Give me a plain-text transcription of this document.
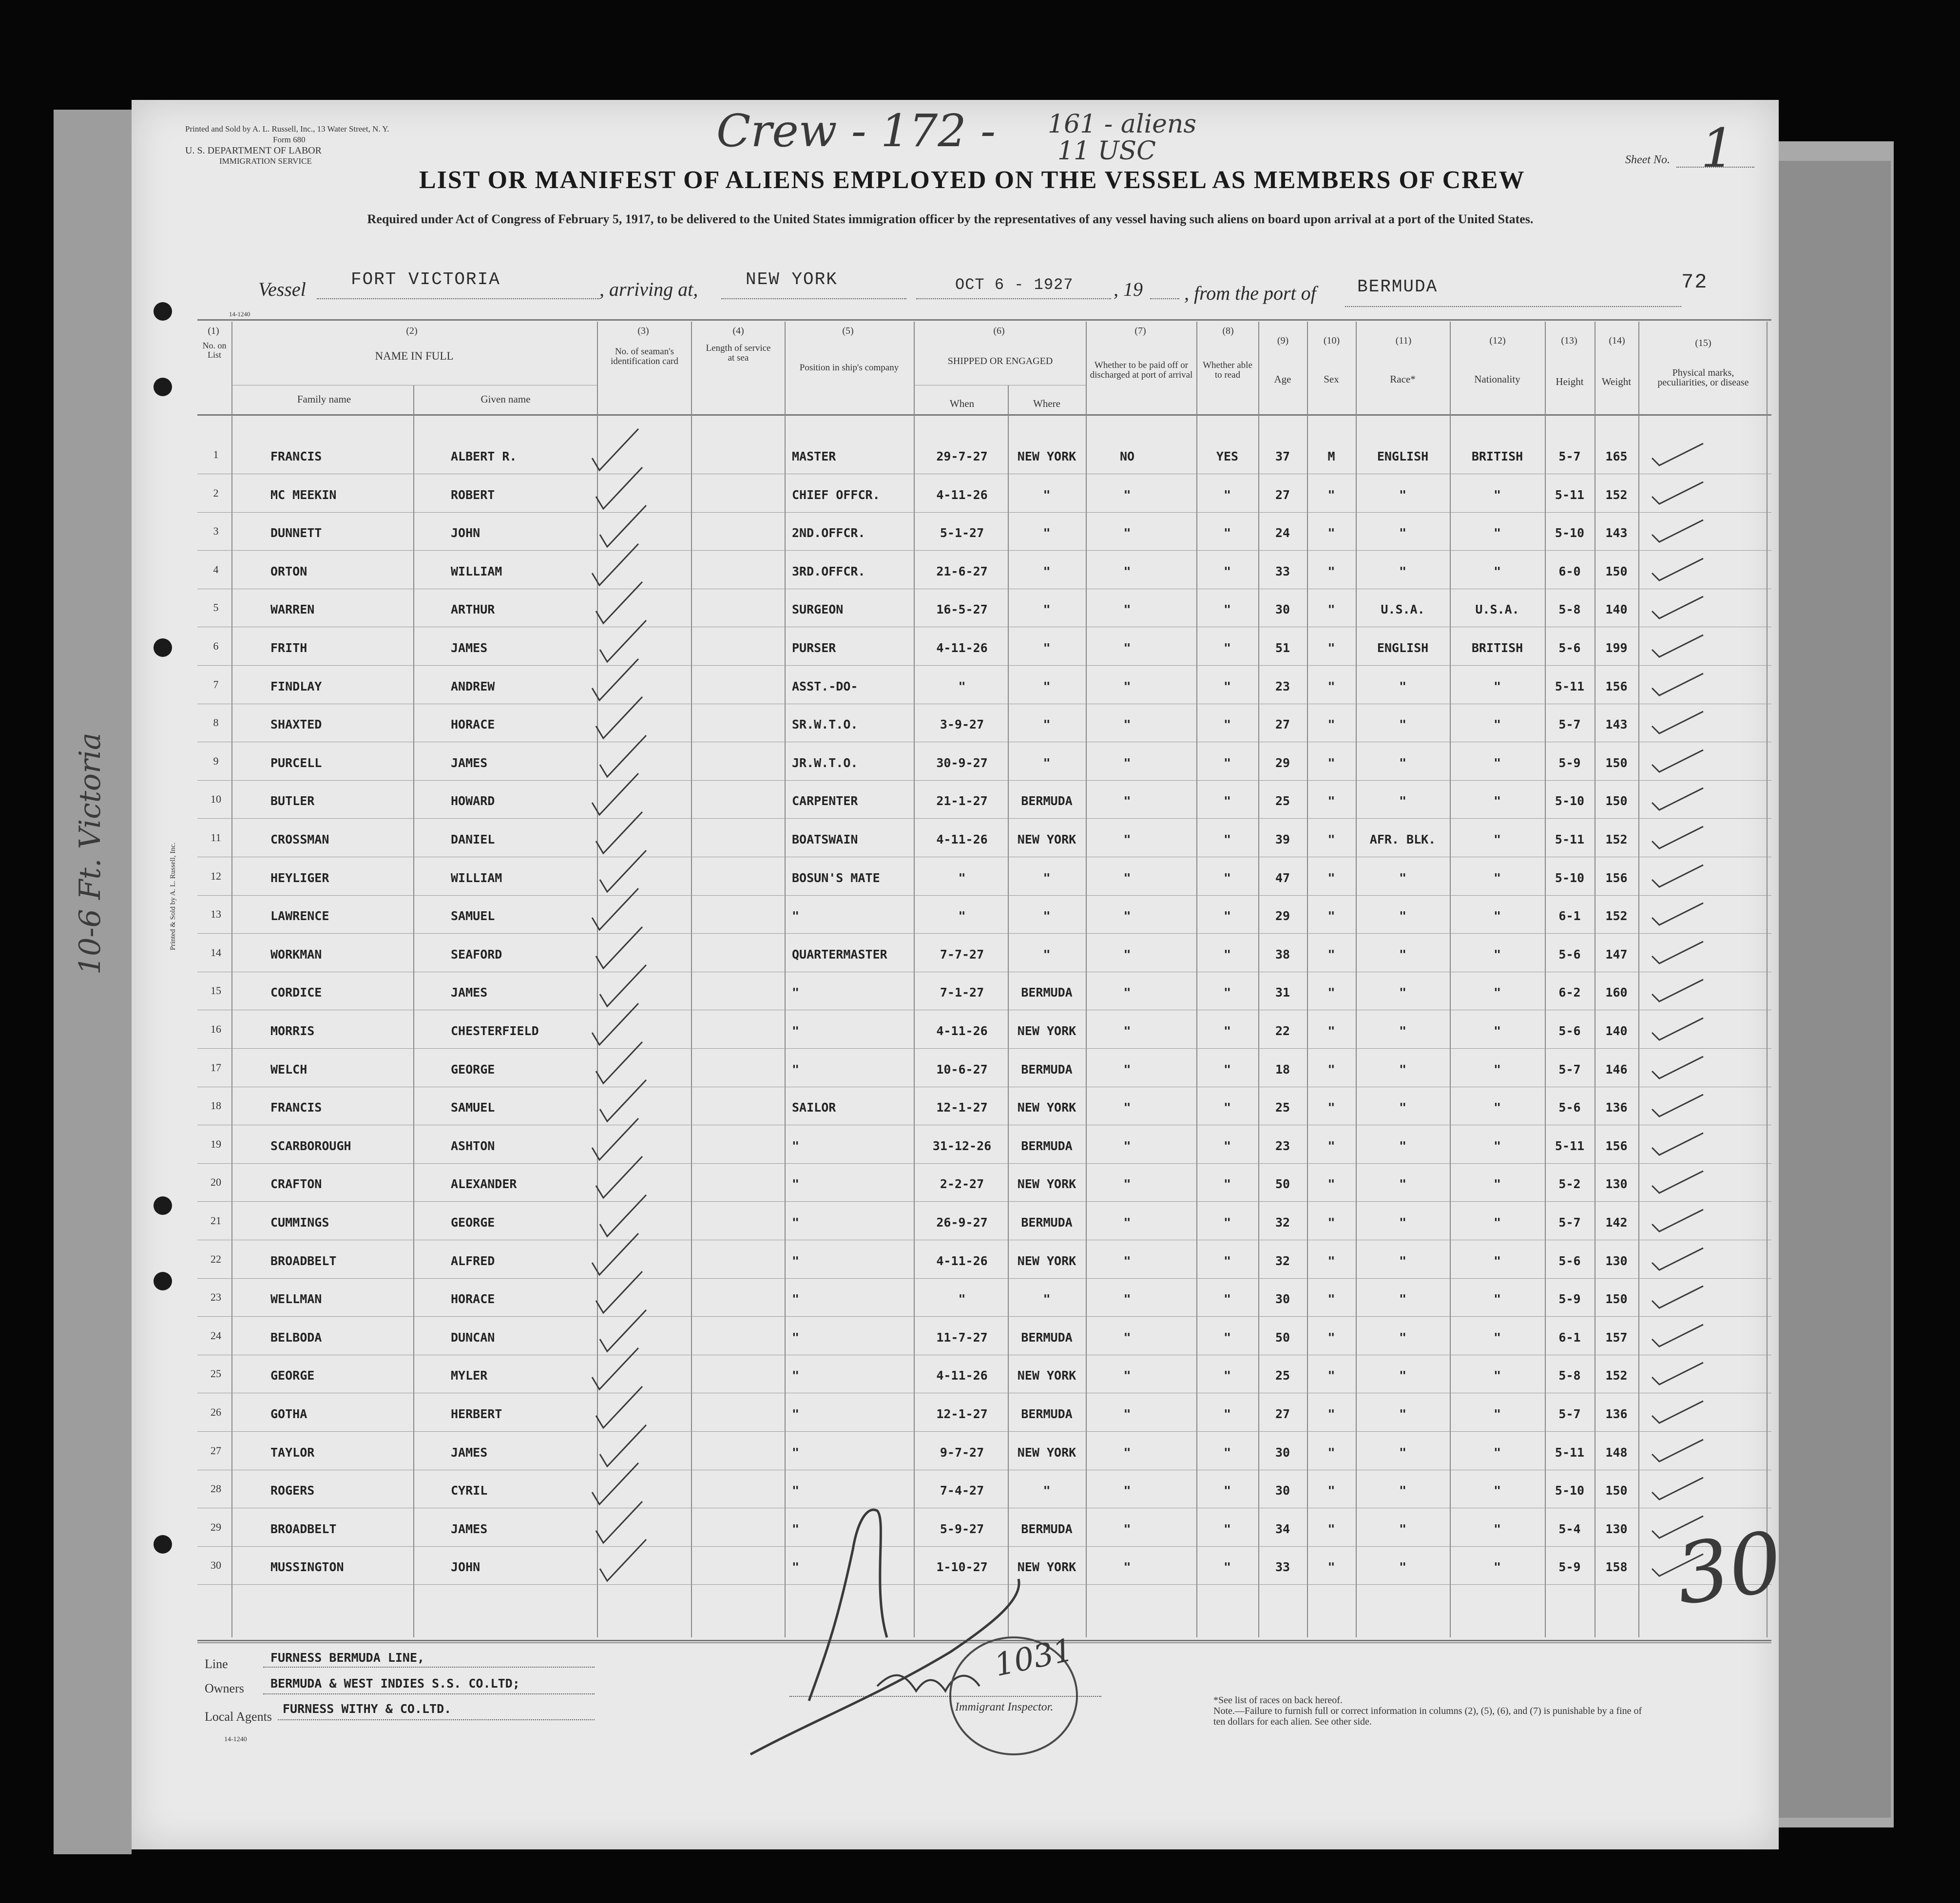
10-6 Ft. Victoria	Printed & Sold by A. L. Russell, Inc.
Printed and Sold by A. L. Russell, Inc., 13 Water Street, N. Y.
Form 680
U. S. DEPARTMENT OF LABOR
IMMIGRATION SERVICE
Crew - 172 - 161 - aliens
11 USC	Sheet No. 1
LIST OR MANIFEST OF ALIENS EMPLOYED ON THE VESSEL AS MEMBERS OF CREW
Required under Act of Congress of February 5, 1917, to be delivered to the United States immigration officer by the representatives of any vessel having such aliens on board upon arrival at a port of the United States.
Vessel	FORT VICTORIA	, arriving at,	NEW YORK	OCT 6 - 1927 , 19 , from the port of BERMUDA	72
14-1240
(1)
No. on List
(2)
NAME IN FULL
Family name	Given name
(3)
No. of seaman's identification card
(4)
Length of service at sea
(5)
Position in ship's company
(6)
SHIPPED OR ENGAGED
When	Where
(7)
Whether to be paid off or discharged at port of arrival
(8)
Whether able to read
(9)
Age
(10)
Sex
(11)
Race*
(12)
Nationality
(13)
Height
(14)
Weight
(15)
Physical marks, peculiarities, or disease
1	FRANCIS	ALBERT R.	MASTER	29-7-27	NEW YORK	NO	YES	37	M	ENGLISH	BRITISH	5-7	165
2	MC MEEKIN	ROBERT	CHIEF OFFCR.	4-11-26	"	"	"	27	"	"	"	5-11	152
3	DUNNETT	JOHN	2ND.OFFCR.	5-1-27	"	"	"	24	"	"	"	5-10	143
4	ORTON	WILLIAM	3RD.OFFCR.	21-6-27	"	"	"	33	"	"	"	6-0	150
5	WARREN	ARTHUR	SURGEON	16-5-27	"	"	"	30	"	U.S.A.	U.S.A.	5-8	140
6	FRITH	JAMES	PURSER	4-11-26	"	"	"	51	"	ENGLISH	BRITISH	5-6	199
7	FINDLAY	ANDREW	ASST.-DO-	"	"	"	"	23	"	"	"	5-11	156
8	SHAXTED	HORACE	SR.W.T.O.	3-9-27	"	"	"	27	"	"	"	5-7	143
9	PURCELL	JAMES	JR.W.T.O.	30-9-27	"	"	"	29	"	"	"	5-9	150
10	BUTLER	HOWARD	CARPENTER	21-1-27	BERMUDA	"	"	25	"	"	"	5-10	150
11	CROSSMAN	DANIEL	BOATSWAIN	4-11-26	NEW YORK	"	"	39	"	AFR. BLK.	"	5-11	152
12	HEYLIGER	WILLIAM	BOSUN'S MATE	"	"	"	"	47	"	"	"	5-10	156
13	LAWRENCE	SAMUEL	"	"	"	"	"	29	"	"	"	6-1	152
14	WORKMAN	SEAFORD	QUARTERMASTER	7-7-27	"	"	"	38	"	"	"	5-6	147
15	CORDICE	JAMES	"	7-1-27	BERMUDA	"	"	31	"	"	"	6-2	160
16	MORRIS	CHESTERFIELD	"	4-11-26	NEW YORK	"	"	22	"	"	"	5-6	140
17	WELCH	GEORGE	"	10-6-27	BERMUDA	"	"	18	"	"	"	5-7	146
18	FRANCIS	SAMUEL	SAILOR	12-1-27	NEW YORK	"	"	25	"	"	"	5-6	136
19	SCARBOROUGH	ASHTON	"	31-12-26	BERMUDA	"	"	23	"	"	"	5-11	156
20	CRAFTON	ALEXANDER	"	2-2-27	NEW YORK	"	"	50	"	"	"	5-2	130
21	CUMMINGS	GEORGE	"	26-9-27	BERMUDA	"	"	32	"	"	"	5-7	142
22	BROADBELT	ALFRED	"	4-11-26	NEW YORK	"	"	32	"	"	"	5-6	130
23	WELLMAN	HORACE	"	"	"	"	"	30	"	"	"	5-9	150
24	BELBODA	DUNCAN	"	11-7-27	BERMUDA	"	"	50	"	"	"	6-1	157
25	GEORGE	MYLER	"	4-11-26	NEW YORK	"	"	25	"	"	"	5-8	152
26	GOTHA	HERBERT	"	12-1-27	BERMUDA	"	"	27	"	"	"	5-7	136
27	TAYLOR	JAMES	"	9-7-27	NEW YORK	"	"	30	"	"	"	5-11	148
28	ROGERS	CYRIL	"	7-4-27	"	"	"	30	"	"	"	5-10	150
29	BROADBELT	JAMES	"	5-9-27	BERMUDA	"	"	34	"	"	"	5-4	130
30	MUSSINGTON	JOHN	"	1-10-27	NEW YORK	"	"	33	"	"	"	5-9	158
Line	FURNESS BERMUDA LINE,
Owners BERMUDA & WEST INDIES S.S. CO.LTD;
Local Agents
FURNESS WITHY & CO.LTD.
14-1240
Immigrant Inspector.
*See list of races on back hereof.
Note.—Failure to furnish full or correct information in columns (2), (5), (6), and (7) is punishable by a fine of ten dollars for each alien. See other side.
1031
30
